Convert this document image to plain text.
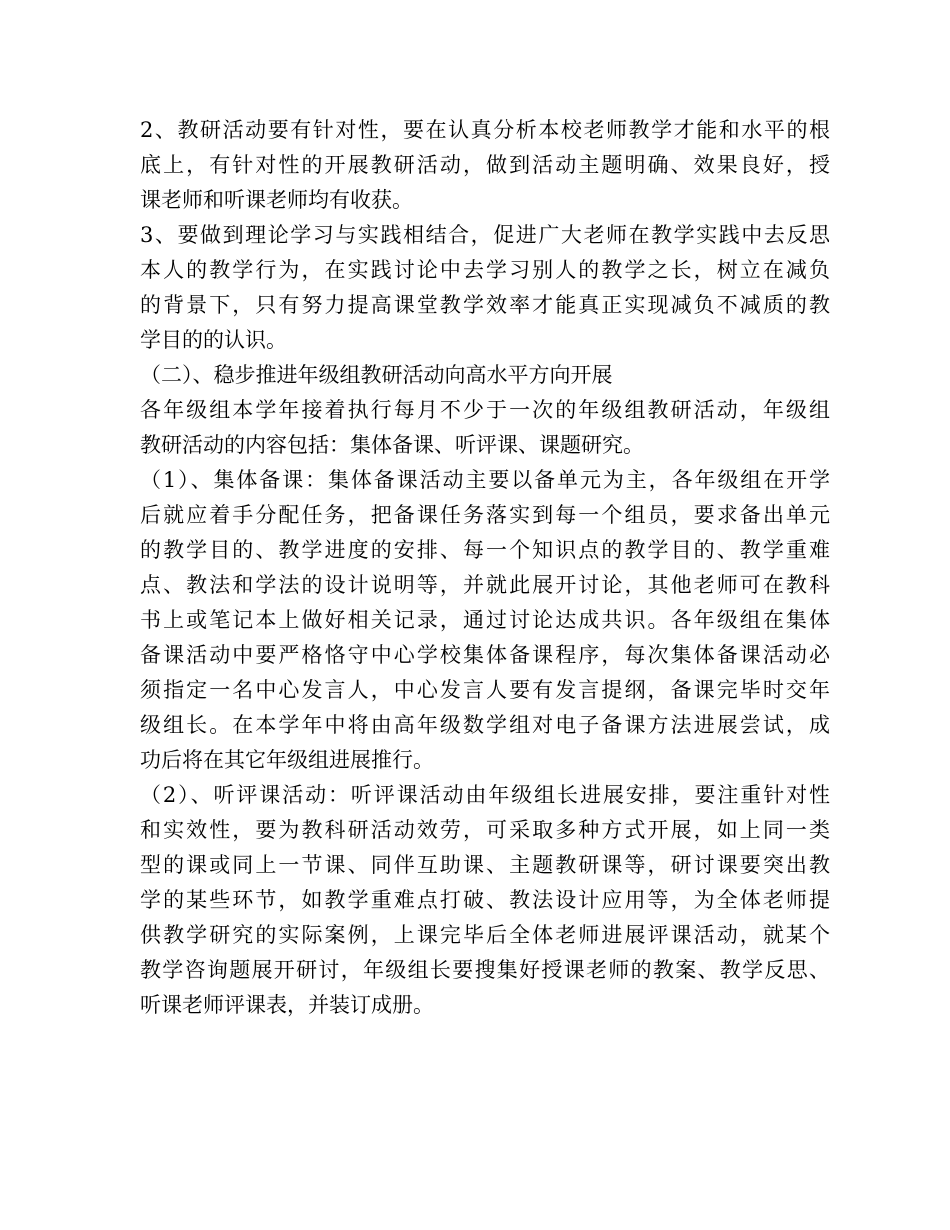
2、教研活动要有针对性，要在认真分析本校老师教学才能和水平的根
底上，有针对性的开展教研活动，做到活动主题明确、效果良好，授
课老师和听课老师均有收获。
3、要做到理论学习与实践相结合，促进广大老师在教学实践中去反思
本人的教学行为，在实践讨论中去学习别人的教学之长，树立在减负
的背景下，只有努力提高课堂教学效率才能真正实现减负不减质的教
学目的的认识。
（二）、稳步推进年级组教研活动向高水平方向开展
各年级组本学年接着执行每月不少于一次的年级组教研活动，年级组
教研活动的内容包括：集体备课、听评课、课题研究。
（1）、集体备课：集体备课活动主要以备单元为主，各年级组在开学
后就应着手分配任务，把备课任务落实到每一个组员，要求备出单元
的教学目的、教学进度的安排、每一个知识点的教学目的、教学重难
点、教法和学法的设计说明等，并就此展开讨论，其他老师可在教科
书上或笔记本上做好相关记录，通过讨论达成共识。各年级组在集体
备课活动中要严格恪守中心学校集体备课程序，每次集体备课活动必
须指定一名中心发言人，中心发言人要有发言提纲，备课完毕时交年
级组长。在本学年中将由高年级数学组对电子备课方法进展尝试，成
功后将在其它年级组进展推行。
（2）、听评课活动：听评课活动由年级组长进展安排，要注重针对性
和实效性，要为教科研活动效劳，可采取多种方式开展，如上同一类
型的课或同上一节课、同伴互助课、主题教研课等，研讨课要突出教
学的某些环节，如教学重难点打破、教法设计应用等，为全体老师提
供教学研究的实际案例，上课完毕后全体老师进展评课活动，就某个
教学咨询题展开研讨，年级组长要搜集好授课老师的教案、教学反思、
听课老师评课表，并装订成册。
